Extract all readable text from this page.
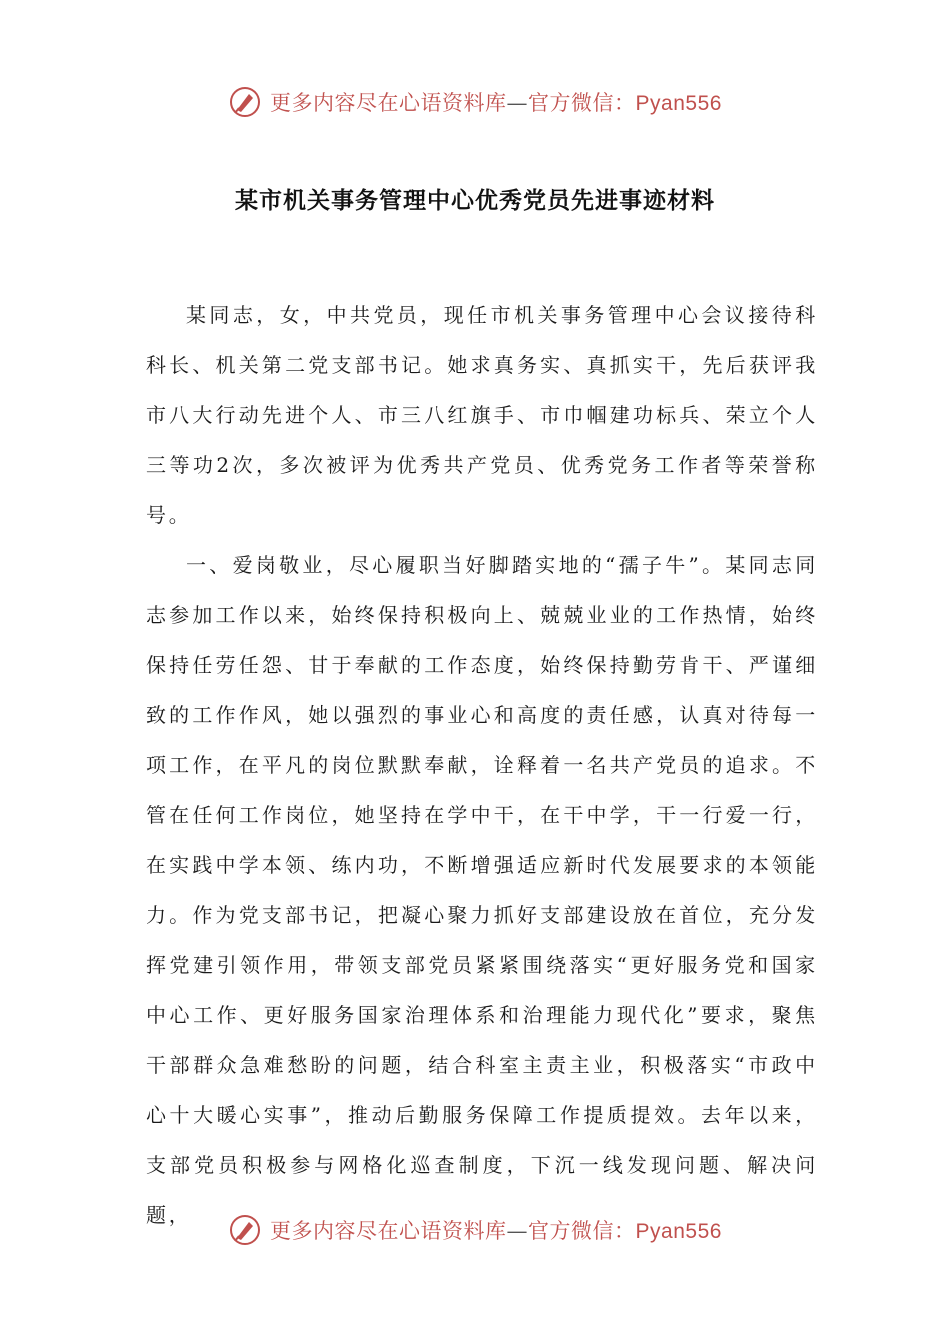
更多内容尽在心语资料库—官方微信：Pyan556
某市机关事务管理中心优秀党员先进事迹材料
某同志，女，中共党员，现任市机关事务管理中心会议接待科科长、机关第二党支部书记。她求真务实、真抓实干，先后获评我市八大行动先进个人、市三八红旗手、市巾帼建功标兵、荣立个人三等功2次，多次被评为优秀共产党员、优秀党务工作者等荣誉称号。
一、爱岗敬业，尽心履职当好脚踏实地的“孺子牛”。某同志同志参加工作以来，始终保持积极向上、兢兢业业的工作热情，始终保持任劳任怨、甘于奉献的工作态度，始终保持勤劳肯干、严谨细致的工作作风，她以强烈的事业心和高度的责任感，认真对待每一项工作，在平凡的岗位默默奉献，诠释着一名共产党员的追求。不管在任何工作岗位，她坚持在学中干，在干中学，干一行爱一行，在实践中学本领、练内功，不断增强适应新时代发展要求的本领能力。作为党支部书记，把凝心聚力抓好支部建设放在首位，充分发挥党建引领作用，带领支部党员紧紧围绕落实“更好服务党和国家中心工作、更好服务国家治理体系和治理能力现代化”要求，聚焦干部群众急难愁盼的问题，结合科室主责主业，积极落实“市政中心十大暖心实事”，推动后勤服务保障工作提质提效。去年以来，支部党员积极参与网格化巡查制度，下沉一线发现问题、解决问题，
更多内容尽在心语资料库—官方微信：Pyan556
